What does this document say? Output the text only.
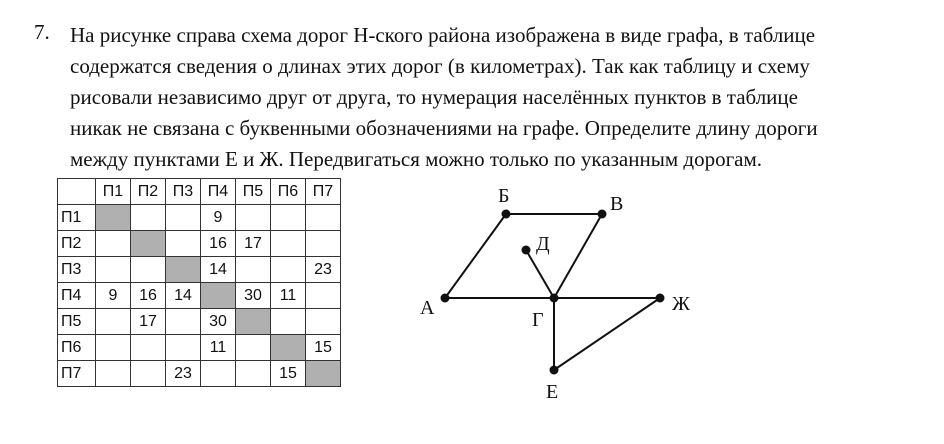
7. На рисунке справа схема дорог Н-ского района изображена в виде графа, в таблице
содержатся сведения о длинах этих дорог (в километрах). Так как таблицу и схему
рисовали независимо друг от друга, то нумерация населённых пунктов в таблице
никак не связана с буквенными обозначениями на графе. Определите длину дороги
между пунктами Е и Ж. Передвигаться можно только по указанным дорогам.
	П1	П2	П3	П4	П5	П6	П7
П1				9			
П2				16	17		
П3				14			23
П4	9	16	14		30	11	
П5		17		30			
П6				11			15
П7			23			15	
А
Б	В
Г
Д
Ж
Е
